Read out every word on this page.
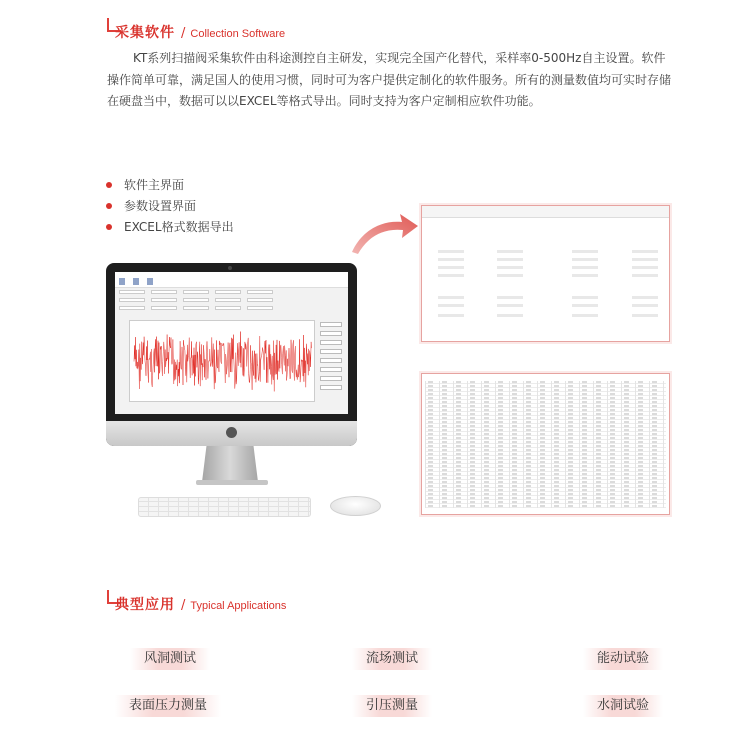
采集软件 / Collection Software

KT系列扫描阀采集软件由科途测控自主研发，实现完全国产化替代，采样率0-500Hz自主设置。软件操作简单可靠，满足国人的使用习惯，同时可为客户提供定制化的软件服务。所有的测量数值均可实时存储在硬盘当中，数据可以以EXCEL等格式导出。同时支持为客户定制相应软件功能。

软件主界面
参数设置界面
EXCEL格式数据导出
典型应用 / Typical Applications
风洞测试	流场测试	能动试验
表面压力测量	引压测量	水洞试验
